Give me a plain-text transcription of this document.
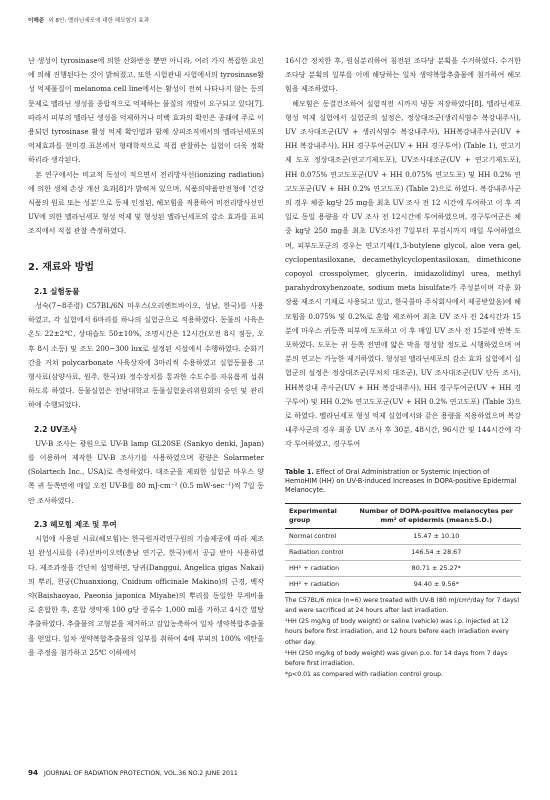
이해준 외 8인: 멜라닌세포에 대한 헤모힘의 효과

난 생성이 tyrosinase에 의한 산화반응 뿐만 아니라, 여러 가지 복잡한 요인에 의해 진행된다는 것이 밝혀졌고, 또한 시험관내 시험에서의 tyrosinase활성 억제물질이 melanoma cell line에서는 활성이 전혀 나타나지 않는 등의 문제로 멜라닌 생성을 종합적으로 억제하는 물질의 개발이 요구되고 있다[7]. 따라서 피부의 멜라닌 생성을 억제하거나 미백 효과의 확인은 종래에 주로 이용되던 tyrosinase 활성 억제 확인법과 함께 상피조직에서의 멜라닌세포의 억제효과를 현미경 표본에서 형태학적으로 직접 관찰하는 실험이 더욱 정확하리라 생각된다.

본 연구에서는 비교적 독성이 적으면서 전리방사선(ionizing radiation)에 의한 생체 손상 개선 효과[8]가 밝혀져 있으며, 식품의약품안전청에 '건강식품의 원료 또는 성분'으로 등재 인정된, 헤모힘을 적용하여 비전리방사선인 UV에 의한 멜라닌세포 형성 억제 및 형성된 멜라닌세포의 감소 효과를 표피조직에서 직접 관찰 측정하였다.

2. 재료와 방법
2.1 실험동물

성숙(7~8주령) C57BL/6N 마우스(오리엔트바이오, 성남, 한국)를 사용하였고, 각 실험에서 6마리를 하나의 실험군으로 적용하였다. 동물의 사육은 온도 22±2℃, 상대습도 50±10%, 조명시간은 12시간(오전 8시 점등, 오후 8시 소등) 및 조도 200~300 lux로 설정된 시설에서 수행하였다. 순화기간을 거쳐 polycarbonate 사육상자에 3마리씩 수용하였고 실험동물용 고형사료(삼양사료, 원주, 한국)와 정수장치를 통과한 수도수를 자유롭게 섭취하도록 하였다. 동물실험은 전남대학교 동물실험윤리위원회의 승인 및 관리 하에 수행되었다.

2.2 UV조사

UV-B 조사는 광원으로 UV-B lamp GL20SE (Sankyo denki, Japan)를 이용하여 제작한 UV-B 조사기를 사용하였으며 광량은 Solarmeter (Solartech Inc., USA)로 측정하였다. 대조군을 제외한 실험군 마우스 양쪽 귀 등쪽면에 매일 오전 UV-B를 80 mJ·cm⁻² (0.5 mW·sec⁻¹)씩 7일 동안 조사하였다.

2.3 헤모힘 제조 및 투여

시험에 사용된 시료(헤모힘)는 한국원자력연구원의 기술제공에 따라 제조된 완성시료를 (주)선바이오텍(충남 연기군, 한국)에서 공급 받아 사용하였다. 제조과정을 간단히 설명하면, 당귀(Danggui, Angelica gigas Nakai)의 뿌리, 천궁(Chuanxiong, Cnidium officinale Makino)의 근경, 백작약(Baishaoyao, Paeonia japonica Miyabe)의 뿌리를 동일한 무게비율로 혼합한 후, 혼합 생약재 100 g당 증류수 1,000 ml을 가하고 4시간 열탕 추출하였다. 추출물의 고형분을 제거하고 감압농축하여 일차 생약복합추출물을 얻었다. 일차 생약복합추출물의 일부를 취하여 4배 부피의 100% 에탄올을 주정을 첨가하고 25℃ 이하에서

16시간 정치한 후, 원심분리하여 침전된 조다당 분획을 수거하였다. 수거한 조다당 분획의 일부를 이에 해당하는 일차 생약복합추출물에 첨가하여 헤모힘을 제조하였다.

헤모힘은 동결건조하여 실험직전 시까지 냉동 저장하였다[8]. 멜라닌세포 형성 억제 실험에서 실험군의 설정은, 정상대조군(생리식염수 복강내주사), UV 조사대조군(UV + 생리식염수 복강내주사), HH복강내주사군(UV + HH 복강내주사), HH 경구투여군(UV + HH 경구투여) (Table 1), 연고기제 도포 정상대조군(연고기제도포), UV조사대조군(UV + 연고기제도포), HH 0.075% 연고도포군(UV + HH 0.075% 연고도포) 및 HH 0.2% 연고도포군(UV + HH 0.2% 연고도포) (Table 2)으로 하였다. 복강내주사군의 경우 체중 kg당 25 mg을 최초 UV 조사 전 12 시간에 투여하고 이 후 격일로 동일 용량을 각 UV 조사 전 12시간에 투여하였으며, 경구투여군은 체중 kg당 250 mg을 최초 UV조사전 7일부터 부검시까지 매일 투여하였으며, 피부도포군의 경우는 연고기제(1,3-butylene glycol, aloe vera gel, cyclopentasiloxane, decamethylcyclopentasiloxan, dimethicone copoyol crosspolymer, glycerin, imidazolidinyl urea, methyl parahydroxybenzoate, sodium meta bisulfate가 주성분이며 각종 화장품 제조시 기재로 사용되고 있고, 한국콜마 주식회사에서 제공받았음)에 헤모힘을 0.075% 및 0.2%로 혼합 제조하여 최초 UV 조사 전 24시간과 15분에 마우스 귀등쪽 피부에 도포하고 이 후 매일 UV 조사 전 15분에 반복 도포하였다. 도포는 귀 등쪽 전면에 얇은 막을 형성할 정도로 시행하였으며 여분의 연고는 가능한 제거하였다. 형성된 멜라닌세포의 감소 효과 실험에서 실험군의 설정은 정상대조군(무처치 대조군), UV 조사대조군(UV 단독 조사), HH복강내 주사군(UV + HH 복강내주사), HH 경구투여군(UV + HH 경구투여) 및 HH 0.2% 연고도포군(UV + HH 0.2% 연고도포) (Table 3)으로 하였다. 멜라닌세포 형성 억제 실험에서와 같은 용량을 적용하였으며 복강내주사군의 경우 최종 UV 조사 후 30분, 48시간, 96시간 및 144시간에 각각 투여하였고, 경구투여

Table 1. Effect of Oral Administration or Systemic Injection of HemoHIM (HH) on UV-B-induced Increases in DOPA-positive Epidermal Melanocyte.
Experimental group	Number of DOPA-positive melanocytes per mm² of epidermis (mean±S.D.)
Normal control	15.47 ± 10.10
Radiation control	146.54 ± 28.67
HH¹ + radiation	80.71 ± 25.27*
HH² + radiation	94.40 ± 9.56*

The C57BL/6 mice (n=6) were treated with UV-B (80 mJ/cm²/day for 7 days) and were sacrificed at 24 hours after last irradiation.

¹HH (25 mg/kg of body weight) or saline (vehicle) was i.p. injected at 12 hours before first irradiation, and 12 hours before each irradiation every other day.

²HH (250 mg/kg of body weight) was given p.o. for 14 days from 7 days before first irradiation.

*p<0.01 as compared with radiation control group.

94 JOURNAL OF RADIATION PROTECTION, VOL.36 NO.2 JUNE 2011
